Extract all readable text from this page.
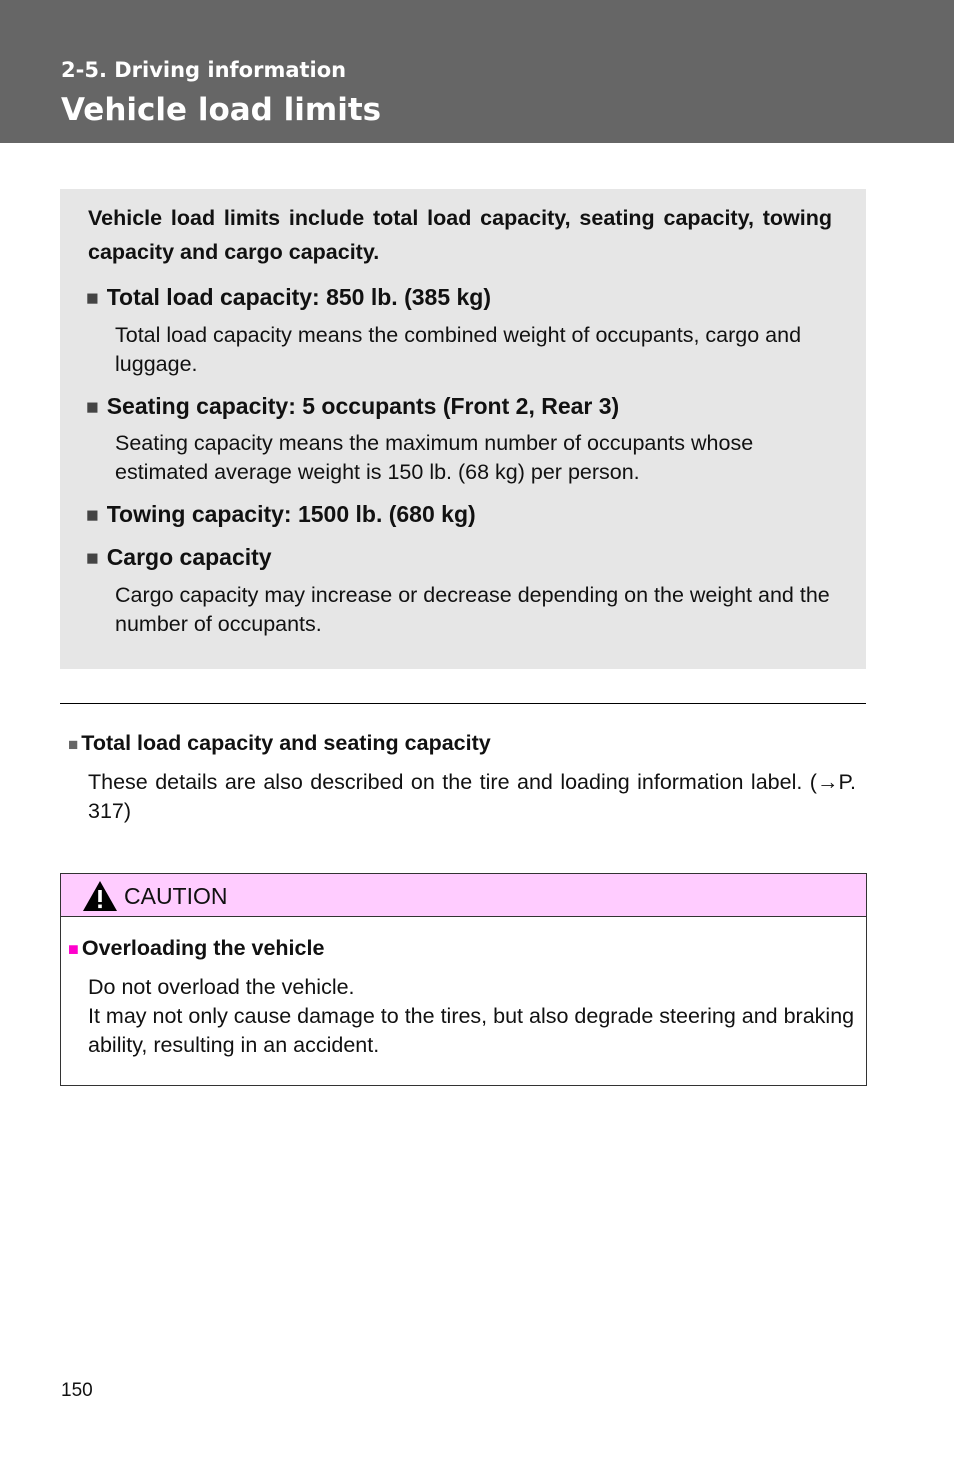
2-5. Driving information
Vehicle load limits
Vehicle load limits include total load capacity, seating capacity, towing capacity and cargo capacity.
■ Total load capacity: 850 lb. (385 kg)
Total load capacity means the combined weight of occupants, cargo and luggage.
■ Seating capacity: 5 occupants (Front 2, Rear 3)
Seating capacity means the maximum number of occupants whose estimated average weight is 150 lb. (68 kg) per person.
■ Towing capacity: 1500 lb. (680 kg)
■ Cargo capacity
Cargo capacity may increase or decrease depending on the weight and the number of occupants.
■ Total load capacity and seating capacity
These details are also described on the tire and loading information label. (→P. 317)
CAUTION
■ Overloading the vehicle
Do not overload the vehicle.
It may not only cause damage to the tires, but also degrade steering and braking ability, resulting in an accident.
150
